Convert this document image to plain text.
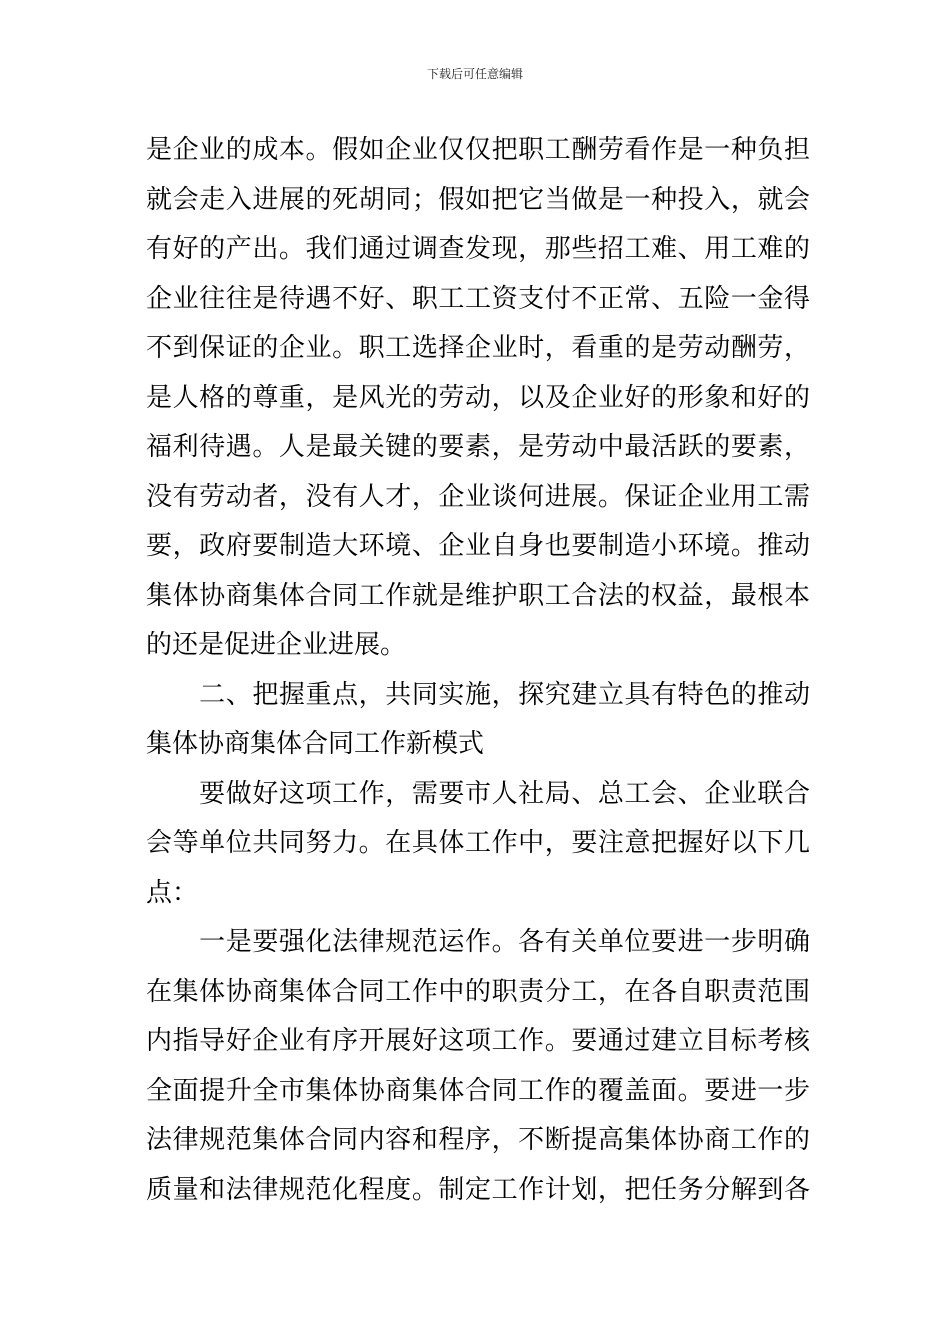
下载后可任意编辑
是企业的成本。假如企业仅仅把职工酬劳看作是一种负担
就会走入进展的死胡同；假如把它当做是一种投入，就会
有好的产出。我们通过调查发现，那些招工难、用工难的
企业往往是待遇不好、职工工资支付不正常、五险一金得
不到保证的企业。职工选择企业时，看重的是劳动酬劳，
是人格的尊重，是风光的劳动，以及企业好的形象和好的
福利待遇。人是最关键的要素，是劳动中最活跃的要素，
没有劳动者，没有人才，企业谈何进展。保证企业用工需
要，政府要制造大环境、企业自身也要制造小环境。推动
集体协商集体合同工作就是维护职工合法的权益，最根本
的还是促进企业进展。
　　二、把握重点，共同实施，探究建立具有特色的推动
集体协商集体合同工作新模式
　　要做好这项工作，需要市人社局、总工会、企业联合
会等单位共同努力。在具体工作中，要注意把握好以下几
点：
　　一是要强化法律规范运作。各有关单位要进一步明确
在集体协商集体合同工作中的职责分工，在各自职责范围
内指导好企业有序开展好这项工作。要通过建立目标考核
全面提升全市集体协商集体合同工作的覆盖面。要进一步
法律规范集体合同内容和程序，不断提高集体协商工作的
质量和法律规范化程度。制定工作计划，把任务分解到各
